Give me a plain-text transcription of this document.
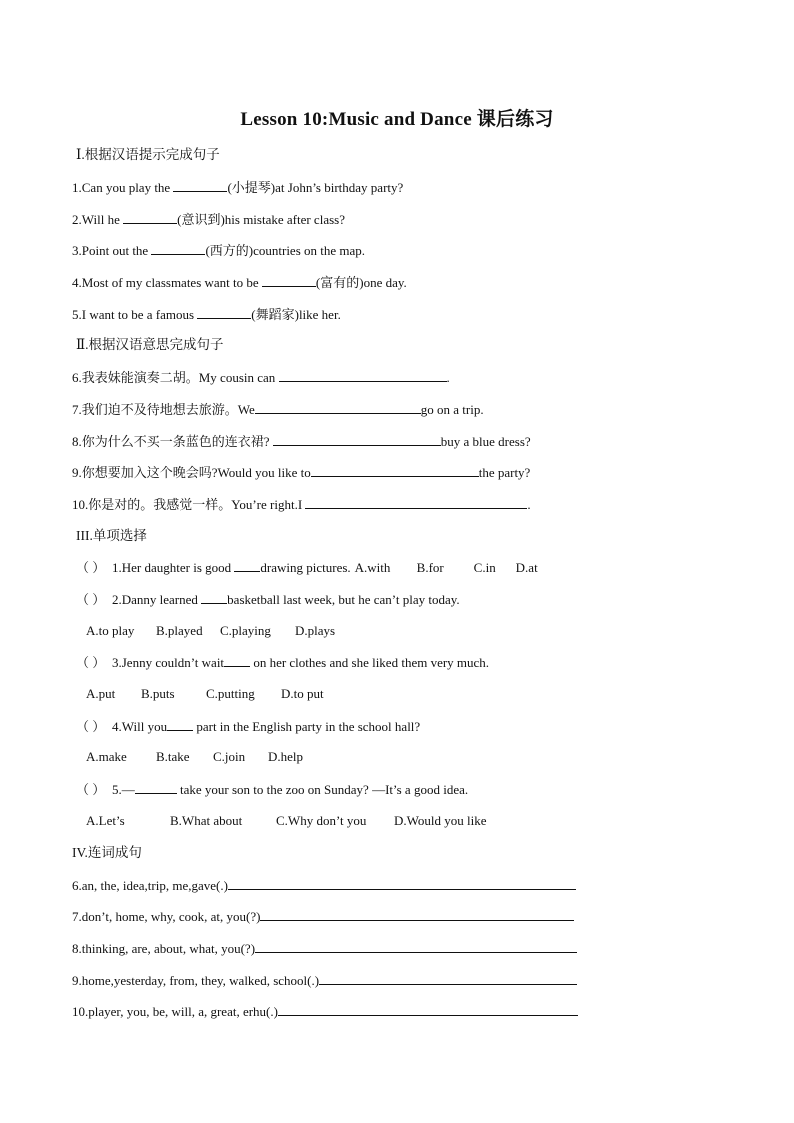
Lesson 10:Music and Dance 课后练习
Ⅰ.根据汉语提示完成句子
1.Can you play the	(小提琴)at John’s birthday party?
2.Will he	(意识到)his mistake after class?
3.Point out the	(西方的)countries on the map.
4.Most of my classmates want to be	(富有的)one day.
5.I want to be a famous	(舞蹈家)like her.
Ⅱ.根据汉语意思完成句子
6.我表妹能演奏二胡。My cousin can	.
7.我们迫不及待地想去旅游。We	go on a trip.
8.你为什么不买一条蓝色的连衣裙?	buy a blue dress?
9.你想要加入这个晚会吗?Would you like to	the party?
10.你是对的。我感觉一样。You’re right.I	.
III.单项选择
（ ） 1.Her daughter is good drawing pictures. A.with B.for C.in D.at
（ ） 2.Danny learned basketball last week, but he can’t play today.
A.to play B.played C.playing D.plays
（ ） 3.Jenny couldn’t wait on her clothes and she liked them very much.
A.put B.puts C.putting D.to put
（ ） 4.Will you part in the English party in the school hall?
A.make B.take C.join D.help
（ ） 5.—	take your son to the zoo on Sunday? —It’s a good idea.
A.Let’s	B.What about	C.Why don’t you D.Would you like
IV.连词成句
6.an, the, idea,trip, me,gave(.)
7.don’t, home, why, cook, at, you(?)
8.thinking, are, about, what, you(?)
9.home,yesterday, from, they, walked, school(.)
10.player, you, be, will, a, great, erhu(.)
